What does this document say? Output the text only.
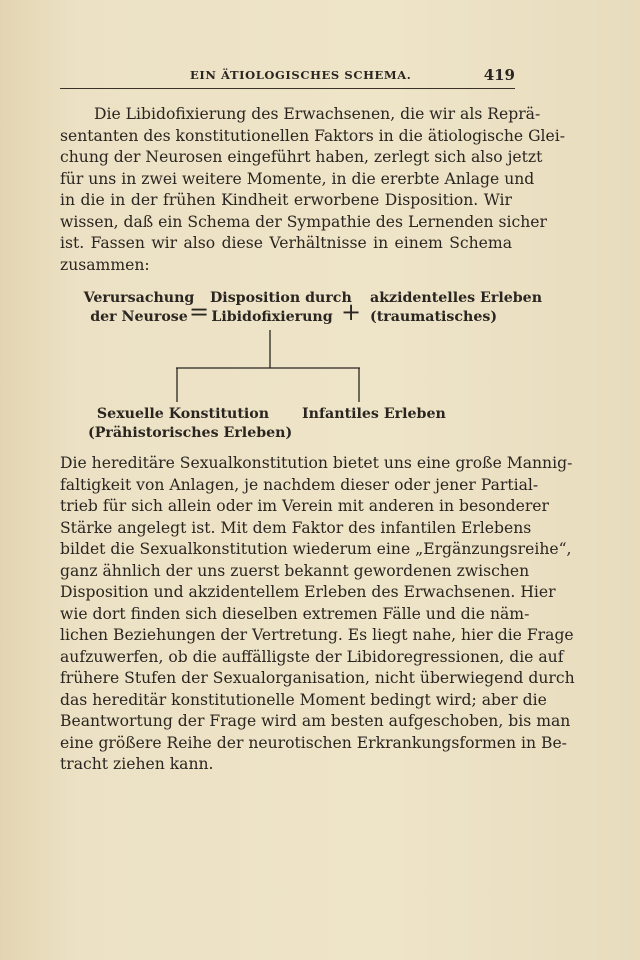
EIN ÄTIOLOGISCHES SCHEMA.	419
Die Libidofixierung des Erwachsenen, die wir als Reprä-
sentanten des konstitutionellen Faktors in die ätiologische Glei-
chung der Neurosen eingeführt haben, zerlegt sich also jetzt
für uns in zwei weitere Momente, in die ererbte Anlage und
in die in der frühen Kindheit erworbene Disposition. Wir
wissen, daß ein Schema der Sympathie des Lernenden sicher
ist. Fassen wir also diese Verhältnisse in einem Schema
zusammen:
Verursachung
der Neurose = Disposition durch
Libidofixierung + akzidentelles Erleben
(traumatisches)
Sexuelle Konstitution
(Prähistorisches Erleben)
Infantiles Erleben
Die hereditäre Sexualkonstitution bietet uns eine große Mannig-
faltigkeit von Anlagen, je nachdem dieser oder jener Partial-
trieb für sich allein oder im Verein mit anderen in besonderer
Stärke angelegt ist. Mit dem Faktor des infantilen Erlebens
bildet die Sexualkonstitution wiederum eine „Ergänzungsreihe“,
ganz ähnlich der uns zuerst bekannt gewordenen zwischen
Disposition und akzidentellem Erleben des Erwachsenen. Hier
wie dort finden sich dieselben extremen Fälle und die näm-
lichen Beziehungen der Vertretung. Es liegt nahe, hier die Frage
aufzuwerfen, ob die auffälligste der Libidoregressionen, die auf
frühere Stufen der Sexualorganisation, nicht überwiegend durch
das hereditär konstitutionelle Moment bedingt wird; aber die
Beantwortung der Frage wird am besten aufgeschoben, bis man
eine größere Reihe der neurotischen Erkrankungsformen in Be-
tracht ziehen kann.
